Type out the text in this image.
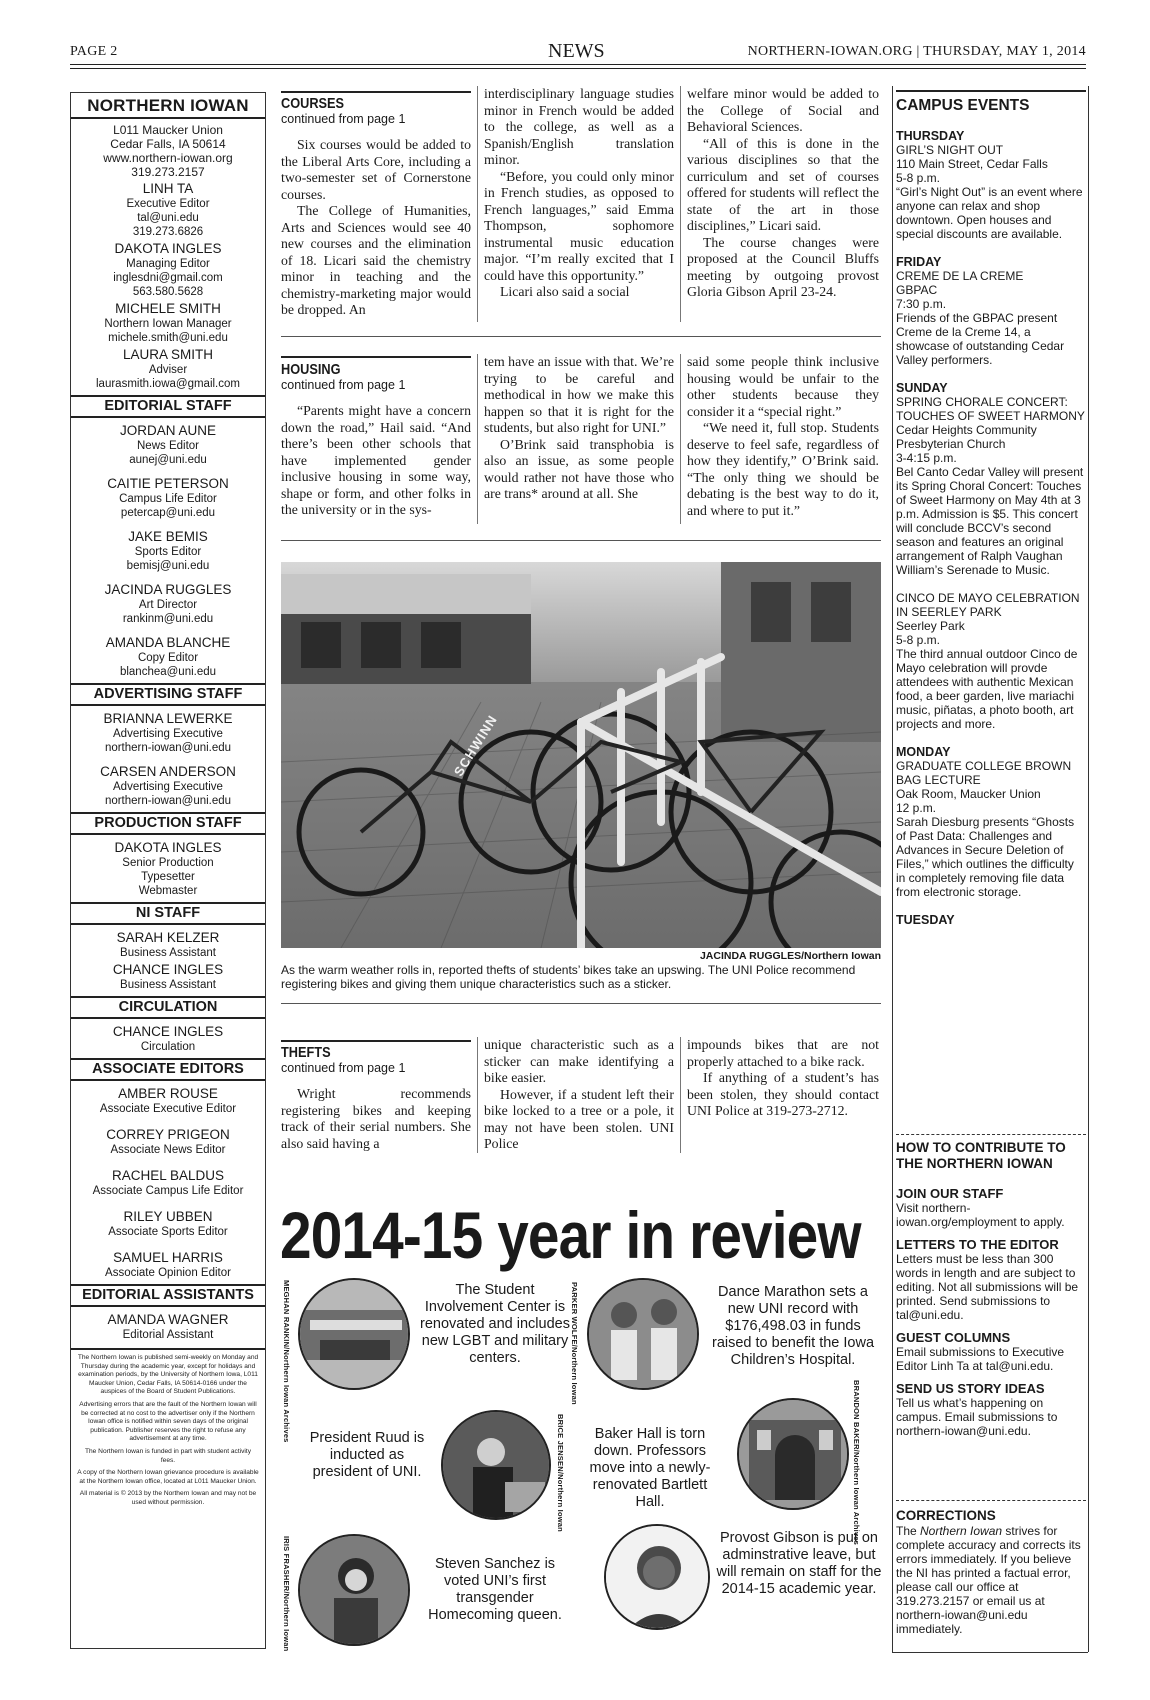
PAGE 2	NEWS	NORTHERN-IOWAN.ORG | THURSDAY, MAY 1, 2014
NORTHERN IOWAN
L011 Maucker Union
Cedar Falls, IA 50614
www.northern-iowan.org
319.273.2157
LINH TA
Executive Editor
tal@uni.edu
319.273.6826
DAKOTA INGLES
Managing Editor
inglesdni@gmail.com
563.580.5628
MICHELE SMITH
Northern Iowan Manager
michele.smith@uni.edu
LAURA SMITH
Adviser
laurasmith.iowa@gmail.com
EDITORIAL STAFF
JORDAN AUNE
News Editor
aunej@uni.edu
CAITIE PETERSON
Campus Life Editor
petercap@uni.edu
JAKE BEMIS
Sports Editor
bemisj@uni.edu
JACINDA RUGGLES
Art Director
rankinm@uni.edu
AMANDA BLANCHE
Copy Editor
blanchea@uni.edu
ADVERTISING STAFF
BRIANNA LEWERKE
Advertising Executive
northern-iowan@uni.edu
CARSEN ANDERSON
Advertising Executive
northern-iowan@uni.edu
PRODUCTION STAFF
DAKOTA INGLES
Senior Production
Typesetter
Webmaster
NI STAFF
SARAH KELZER
Business Assistant
CHANCE INGLES
Business Assistant
CIRCULATION
CHANCE INGLES
Circulation
ASSOCIATE EDITORS
AMBER ROUSE
Associate Executive Editor
CORREY PRIGEON
Associate News Editor
RACHEL BALDUS
Associate Campus Life Editor
RILEY UBBEN
Associate Sports Editor
SAMUEL HARRIS
Associate Opinion Editor
EDITORIAL ASSISTANTS
AMANDA WAGNER
Editorial Assistant

The Northern Iowan is published semi-weekly on Monday and Thursday during the academic year, except for holidays and examination periods, by the University of Northern Iowa, L011 Maucker Union, Cedar Falls, IA 50614-0166 under the auspices of the Board of Student Publications.

Advertising errors that are the fault of the Northern Iowan will be corrected at no cost to the advertiser only if the Northern Iowan office is notified within seven days of the original publication. Publisher reserves the right to refuse any advertisement at any time.

The Northern Iowan is funded in part with student activity fees.

A copy of the Northern Iowan grievance procedure is available at the Northern Iowan office, located at L011 Maucker Union.

All material is © 2013 by the Northern Iowan and may not be used without permission.

COURSES
continued from page 1

Six courses would be added to the Liberal Arts Core, including a two-semester set of Cornerstone courses.

The College of Humanities, Arts and Sciences would see 40 new courses and the elimination of 18. Licari said the chemistry minor in teaching and the chemistry-marketing major would be dropped. An

interdisciplinary language studies minor in French would be added to the college, as well as a Spanish/English translation minor.

“Before, you could only minor in French studies, as opposed to French languages,” said Emma Thompson, sophomore instrumental music education major. “I’m really excited that I could have this opportunity.”

Licari also said a social

welfare minor would be added to the College of Social and Behavioral Sciences.

“All of this is done in the various disciplines so that the curriculum and set of courses offered for students will reflect the state of the art in those disciplines,” Licari said.

The course changes were proposed at the Council Bluffs meeting by outgoing provost Gloria Gibson April 23-24.

HOUSING
continued from page 1

“Parents might have a concern down the road,” Hail said. “And there’s been other schools that have implemented gender inclusive housing in some way, shape or form, and other folks in the university or in the sys-

tem have an issue with that. We’re trying to be careful and methodical in how we make this happen so that it is right for the students, but also right for UNI.”

O’Brink said transphobia is also an issue, as some people would rather not have those who are trans* around at all. She

said some people think inclusive housing would be unfair to the other students because they consider it a “special right.”

“We need it, full stop. Students deserve to feel safe, regardless of how they identify,” O’Brink said. “The only thing we should be debating is the best way to do it, and where to put it.”

SCHWINN
JACINDA RUGGLES/Northern Iowan
As the warm weather rolls in, reported thefts of students’ bikes take an upswing. The UNI Police recommend registering bikes and giving them unique characteristics such as a sticker.
THEFTS
continued from page 1

Wright recommends registering bikes and keeping track of their serial numbers. She also said having a

unique characteristic such as a sticker can make identifying a bike easier.

However, if a student left their bike locked to a tree or a pole, it may not have been stolen. UNI Police

impounds bikes that are not properly attached to a bike rack.

If anything of a student’s has been stolen, they should contact UNI Police at 319-273-2712.

2014-15 year in review
MEGHAN RANKIN/Northern Iowan Archives	The Student Involvement Center is renovated and includes new LGBT and military centers.	PARKER WOLFE/Northern Iowan	Dance Marathon sets a new UNI record with $176,498.03 in funds raised to benefit the Iowa Children’s Hospital.
President Ruud is inducted as president of UNI.	BRICE JENSEN/Northern Iowan	Baker Hall is torn down. Professors move into a newly-renovated Bartlett Hall.	BRANDON BAKER/Northern Iowan Archives
IRIS FRASHER/Northern Iowan	Steven Sanchez is voted UNI’s first transgender Homecoming queen.
Provost Gibson is put on adminstrative leave, but will remain on staff for the 2014-15 academic year.
CAMPUS EVENTS
THURSDAY

GIRL’S NIGHT OUT

110 Main Street, Cedar Falls

5-8 p.m.

“Girl’s Night Out” is an event where anyone can relax and shop downtown. Open houses and special discounts are available.

FRIDAY

CREME DE LA CREME

GBPAC

7:30 p.m.

Friends of the GBPAC present Creme de la Creme 14, a showcase of outstanding Cedar Valley performers.

SUNDAY

SPRING CHORALE CONCERT: TOUCHES OF SWEET HARMONY

Cedar Heights Community Presbyterian Church

3-4:15 p.m.

Bel Canto Cedar Valley will present its Spring Choral Concert: Touches of Sweet Harmony on May 4th at 3 p.m. Admission is $5. This concert will conclude BCCV’s second season and features an original arrangement of Ralph Vaughan William’s Serenade to Music.

CINCO DE MAYO CELEBRATION IN SEERLEY PARK

Seerley Park

5-8 p.m.

The third annual outdoor Cinco de Mayo celebration will provde attendees with authentic Mexican food, a beer garden, live mariachi music, piñatas, a photo booth, art projects and more.

MONDAY

GRADUATE COLLEGE BROWN BAG LECTURE

Oak Room, Maucker Union

12 p.m.

Sarah Diesburg presents “Ghosts of Past Data: Challenges and Advances in Secure Deletion of Files,” which outlines the difficulty in completely removing file data from electronic storage.

TUESDAY
HOW TO CONTRIBUTE TO THE NORTHERN IOWAN
JOIN OUR STAFF
Visit northern-iowan.org/employment to apply.
LETTERS TO THE EDITOR
Letters must be less than 300 words in length and are subject to editing. Not all submissions will be printed. Send submissions to tal@uni.edu.
GUEST COLUMNS
Email submissions to Executive Editor Linh Ta at tal@uni.edu.
SEND US STORY IDEAS
Tell us what’s happening on campus. Email submissions to northern-iowan@uni.edu.
CORRECTIONS
The Northern Iowan strives for complete accuracy and corrects its errors immediately. If you believe the NI has printed a factual error, please call our office at 319.273.2157 or email us at northern-iowan@uni.edu immediately.
